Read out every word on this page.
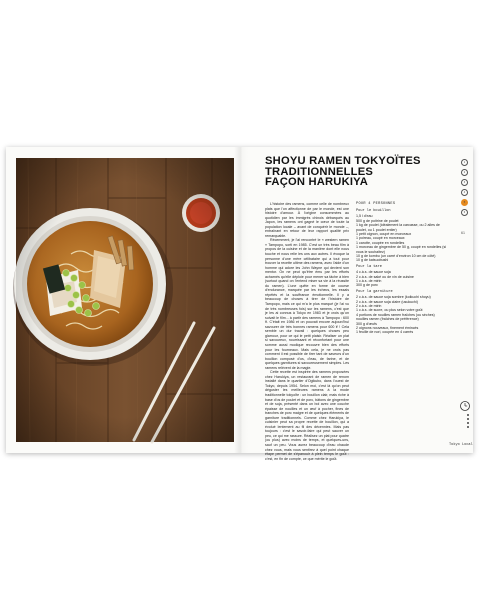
SHOYU RAMEN TOKYOÏTES
TRADITIONNELLES
FAÇON HARUKIYA

L'histoire des ramens, comme celle de nombreux plats que l'on affectionne de par le monde, est une histoire d'amour. À l'origine consommées au quotidien par les immigrés chinois débarqués au Japon, les ramens ont gagné le cœur de toute la population locale – avant de conquérir le monde –, entraînant en retour de leur rapport qualité prix remarquable.

Récemment, je l'ai rencontré le « western ramen » Tampopo, sorti en 1985. C'est un très beau film à propos de la cuisine et de la manière dont elle nous touche et nous relie les uns aux autres. Il évoque la personne d'une mère célibataire qui a tout pour trouver la recette ultime des ramens, avec l'aide d'un homme qui adore les John Wayne qui devient son mentor. On ne peut qu'être ému par les efforts acharnés qu'elle déploie pour mener sa tâche à bien (surtout quand on l'entend miser sa vie à la réussite du ramen). L'une quête en forme de course d'endurance, marquée par les échecs, les essais répétés et la souffrance émotionnelle. Il y a beaucoup de choses à tirer de l'histoire de Tampopo, mais ce qui m'a le plus marqué (je l'ai vu de très nombreuses fois) sur les ramens, c'est que je les ai connus à Tokyo en 1983 et je crois qu'on suivait le film... à partir des ramens à Tampopo : 600 ¥. C'était en 1986 et on pouvait encore aujourd'hui savourer de très bonnes ramens pour 600 ¥ ! Cela semble un dur travail : quelques choses peu glamour, pour ce qui le petit plaisir. Réaliser un plat si savoureux, nourrissant et réconfortant pour une somme aussi modique recouvre bien des efforts pour les fourneaux. Mais cela, je ne crois pas comment il est possible de tirer tant de saveurs d'un bouillon composé d'os, d'eau, de farine, et de quelques garnitures si savoureusement simples. Les ramens relèvent de la magie.

Cette recette est inspirée des ramens proposées chez Harukiya, un restaurant de ramen de renom installé dans le quartier d'Ogikubo, dans l'ouest de Tokyo, depuis 1954. Selon moi, c'est là qu'on peut déguster les meilleures ramens à la mode traditionnelle tokyoïte : un bouillon clair, mais riche à base d'os de poulet et de porc, bâtons de gingembre et de soja, présenté dans un bol avec une couche épaisse de nouilles et un œuf à pocher, fines de tranches de porc maigre et de quelques éléments de garniture traditionnels. Comme chez Harukiya, le cuisinier peut sa propre recette de bouillon, qui a évolué lentement au fil des décennies. Mais pas toujours : c'est le savoir-faire qui peut sauver un peu, ce qui me rassure. Réalisez un plat pour quatre (ou plus) avec moins de temps, et quelques-uns, sauf un peu. Vous aurez beaucoup d'eau chaude chez vous, mais vous sentirez à quel point chaque étape permet de s'épanouir à plein temps le goût : c'est, en fin de compte, ce que mérite le goût.

POUR 4 PERSONNES

Pour le bouillon

1,5 l d'eau

500 g de poitrine de poulet

1 kg de poulet (idéalement la carcasse, ou 2 ailes de poulet, ou 1 poulet entier)

1 petit oignon, coupé en morceaux

1 poireau, coupé en morceaux

1 carotte, coupée en rondelles

1 morceau de gingembre de 50 g, coupé en rondelles (si vous le souhaitez)

10 g de kombu (un carré d'environ 10 cm de côté)

10 g de katsuobushi

Pour la tare

4 c.à.s. de sauce soja

2 c.à.s. de saké ou de vin de cuisine

1 c.à.s. de mirin

300 g de porc

Pour la garniture

2 c.à.s. de sauce soja sombre (koikuchi shoyu)

2 c.à.s. de sauce soja claire (usukuchi)

2 c.à.s. de mirin

1 c.à.s. de sucre, ou plus selon votre goût

4 portions de nouilles ramen fraîches (ou sèches)

nouilles ramen (fraîches de préférence)

300 g d'œufs

2 oignons nouveaux, finement émincés

1 feuille de nori, coupée en 4 carrés

1
2
3
4
5
6
61
Tokyo Local
